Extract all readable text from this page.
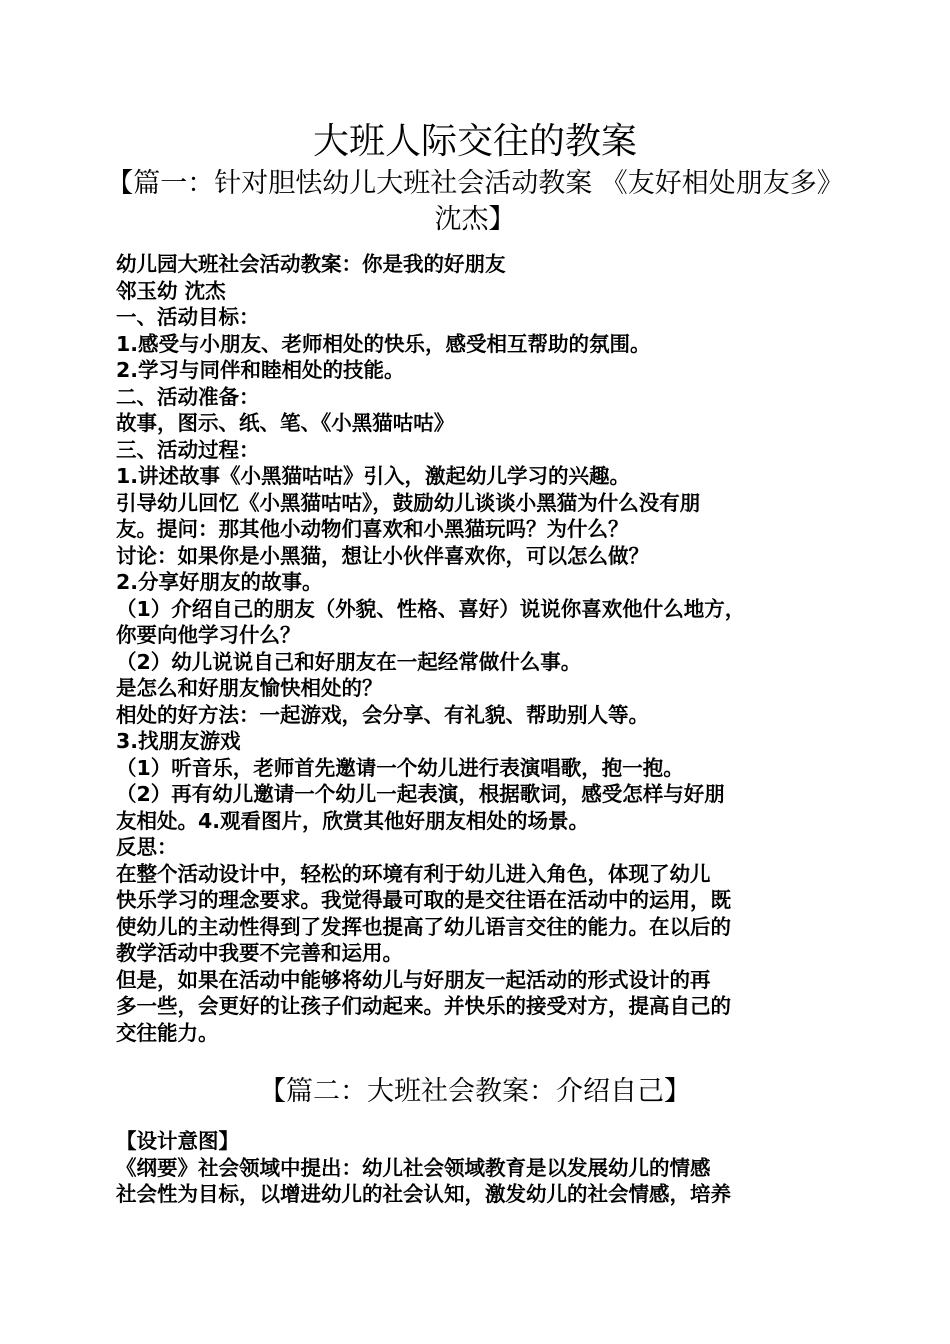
大班人际交往的教案
【篇一：针对胆怯幼儿大班社会活动教案 《友好相处朋友多》沈杰】
幼儿园大班社会活动教案：你是我的好朋友
邻玉幼 沈杰
一、活动目标：
1.感受与小朋友、老师相处的快乐，感受相互帮助的氛围。
2.学习与同伴和睦相处的技能。
二、活动准备：
故事，图示、纸、笔、《小黑猫咕咕》
三、活动过程：
1.讲述故事《小黑猫咕咕》引入，激起幼儿学习的兴趣。
引导幼儿回忆《小黑猫咕咕》，鼓励幼儿谈谈小黑猫为什么没有朋
友。提问：那其他小动物们喜欢和小黑猫玩吗？为什么？
讨论：如果你是小黑猫，想让小伙伴喜欢你，可以怎么做？
2.分享好朋友的故事。
（1）介绍自己的朋友（外貌、性格、喜好）说说你喜欢他什么地方，
你要向他学习什么？
（2）幼儿说说自己和好朋友在一起经常做什么事。
是怎么和好朋友愉快相处的？
相处的好方法：一起游戏，会分享、有礼貌、帮助别人等。
3.找朋友游戏
（1）听音乐，老师首先邀请一个幼儿进行表演唱歌，抱一抱。
（2）再有幼儿邀请一个幼儿一起表演，根据歌词，感受怎样与好朋
友相处。4.观看图片，欣赏其他好朋友相处的场景。
反思：
在整个活动设计中，轻松的环境有利于幼儿进入角色，体现了幼儿
快乐学习的理念要求。我觉得最可取的是交往语在活动中的运用，既
使幼儿的主动性得到了发挥也提高了幼儿语言交往的能力。在以后的
教学活动中我要不完善和运用。
但是，如果在活动中能够将幼儿与好朋友一起活动的形式设计的再
多一些，会更好的让孩子们动起来。并快乐的接受对方，提高自己的
交往能力。
【篇二：大班社会教案：介绍自己】
【设计意图】
《纲要》社会领域中提出：幼儿社会领域教育是以发展幼儿的情感
社会性为目标，以增进幼儿的社会认知，激发幼儿的社会情感，培养
